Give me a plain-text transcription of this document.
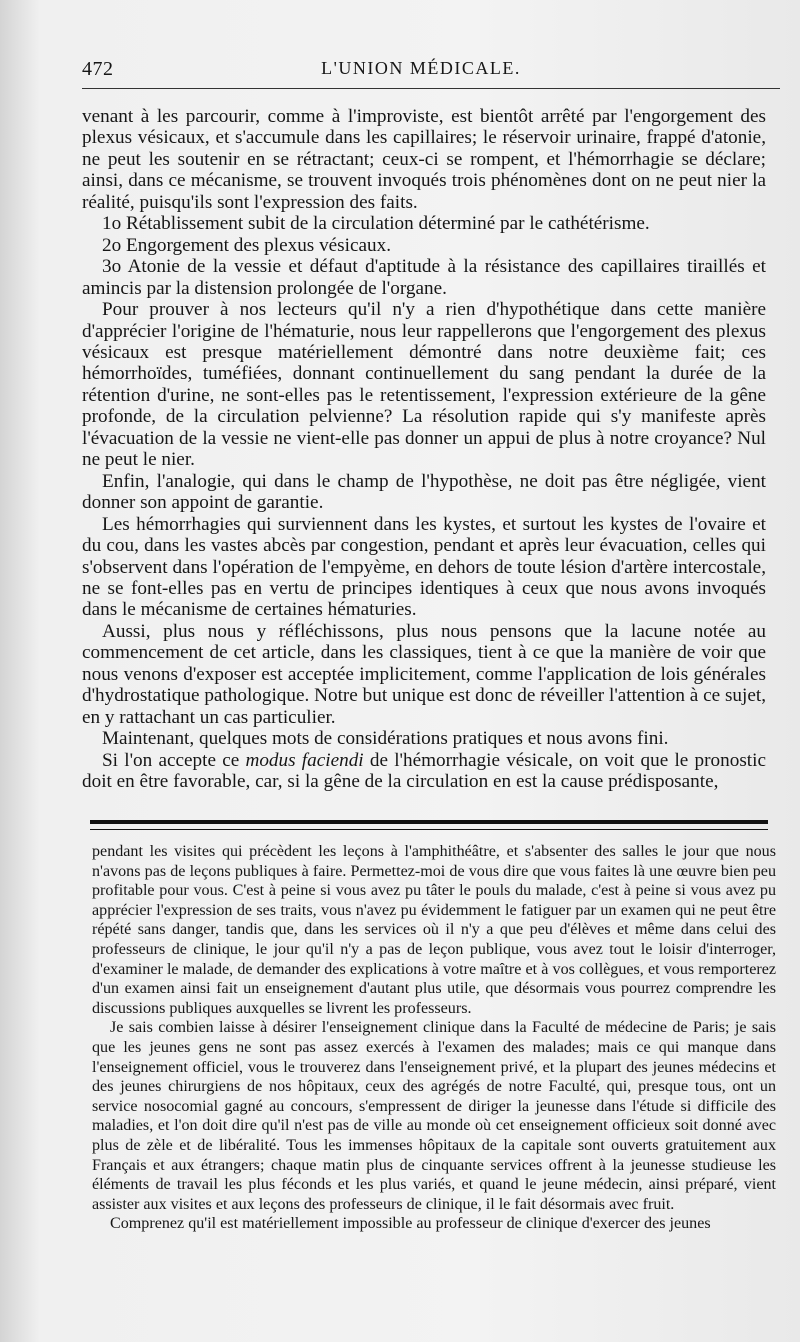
472	L'UNION MÉDICALE.

venant à les parcourir, comme à l'improviste, est bientôt arrêté par l'engorgement des plexus vésicaux, et s'accumule dans les capillaires; le réservoir urinaire, frappé d'atonie, ne peut les soutenir en se rétractant; ceux-ci se rompent, et l'hémorrhagie se déclare; ainsi, dans ce mécanisme, se trouvent invoqués trois phénomènes dont on ne peut nier la réalité, puisqu'ils sont l'expression des faits.

1o Rétablissement subit de la circulation déterminé par le cathétérisme.

2o Engorgement des plexus vésicaux.

3o Atonie de la vessie et défaut d'aptitude à la résistance des capillaires tiraillés et amincis par la distension prolongée de l'organe.

Pour prouver à nos lecteurs qu'il n'y a rien d'hypothétique dans cette manière d'apprécier l'origine de l'hématurie, nous leur rappellerons que l'engorgement des plexus vésicaux est presque matériellement démontré dans notre deuxième fait; ces hémorrhoïdes, tuméfiées, donnant continuellement du sang pendant la durée de la rétention d'urine, ne sont-elles pas le retentissement, l'expression extérieure de la gêne profonde, de la circulation pelvienne? La résolution rapide qui s'y manifeste après l'évacuation de la vessie ne vient-elle pas donner un appui de plus à notre croyance? Nul ne peut le nier.

Enfin, l'analogie, qui dans le champ de l'hypothèse, ne doit pas être négligée, vient donner son appoint de garantie.

Les hémorrhagies qui surviennent dans les kystes, et surtout les kystes de l'ovaire et du cou, dans les vastes abcès par congestion, pendant et après leur évacuation, celles qui s'observent dans l'opération de l'empyème, en dehors de toute lésion d'artère intercostale, ne se font-elles pas en vertu de principes identiques à ceux que nous avons invoqués dans le mécanisme de certaines hématuries.

Aussi, plus nous y réfléchissons, plus nous pensons que la lacune notée au commencement de cet article, dans les classiques, tient à ce que la manière de voir que nous venons d'exposer est acceptée implicitement, comme l'application de lois générales d'hydrostatique pathologique. Notre but unique est donc de réveiller l'attention à ce sujet, en y rattachant un cas particulier.

Maintenant, quelques mots de considérations pratiques et nous avons fini.

Si l'on accepte ce modus faciendi de l'hémorrhagie vésicale, on voit que le pronostic doit en être favorable, car, si la gêne de la circulation en est la cause prédisposante,

pendant les visites qui précèdent les leçons à l'amphithéâtre, et s'absenter des salles le jour que nous n'avons pas de leçons publiques à faire. Permettez-moi de vous dire que vous faites là une œuvre bien peu profitable pour vous. C'est à peine si vous avez pu tâter le pouls du malade, c'est à peine si vous avez pu apprécier l'expression de ses traits, vous n'avez pu évidemment le fatiguer par un examen qui ne peut être répété sans danger, tandis que, dans les services où il n'y a que peu d'élèves et même dans celui des professeurs de clinique, le jour qu'il n'y a pas de leçon publique, vous avez tout le loisir d'interroger, d'examiner le malade, de demander des explications à votre maître et à vos collègues, et vous remporterez d'un examen ainsi fait un enseignement d'autant plus utile, que désormais vous pourrez comprendre les discussions publiques auxquelles se livrent les professeurs.

Je sais combien laisse à désirer l'enseignement clinique dans la Faculté de médecine de Paris; je sais que les jeunes gens ne sont pas assez exercés à l'examen des malades; mais ce qui manque dans l'enseignement officiel, vous le trouverez dans l'enseignement privé, et la plupart des jeunes médecins et des jeunes chirurgiens de nos hôpitaux, ceux des agrégés de notre Faculté, qui, presque tous, ont un service nosocomial gagné au concours, s'empressent de diriger la jeunesse dans l'étude si difficile des maladies, et l'on doit dire qu'il n'est pas de ville au monde où cet enseignement officieux soit donné avec plus de zèle et de libéralité. Tous les immenses hôpitaux de la capitale sont ouverts gratuitement aux Français et aux étrangers; chaque matin plus de cinquante services offrent à la jeunesse studieuse les éléments de travail les plus féconds et les plus variés, et quand le jeune médecin, ainsi préparé, vient assister aux visites et aux leçons des professeurs de clinique, il le fait désormais avec fruit.

Comprenez qu'il est matériellement impossible au professeur de clinique d'exercer des jeunes
